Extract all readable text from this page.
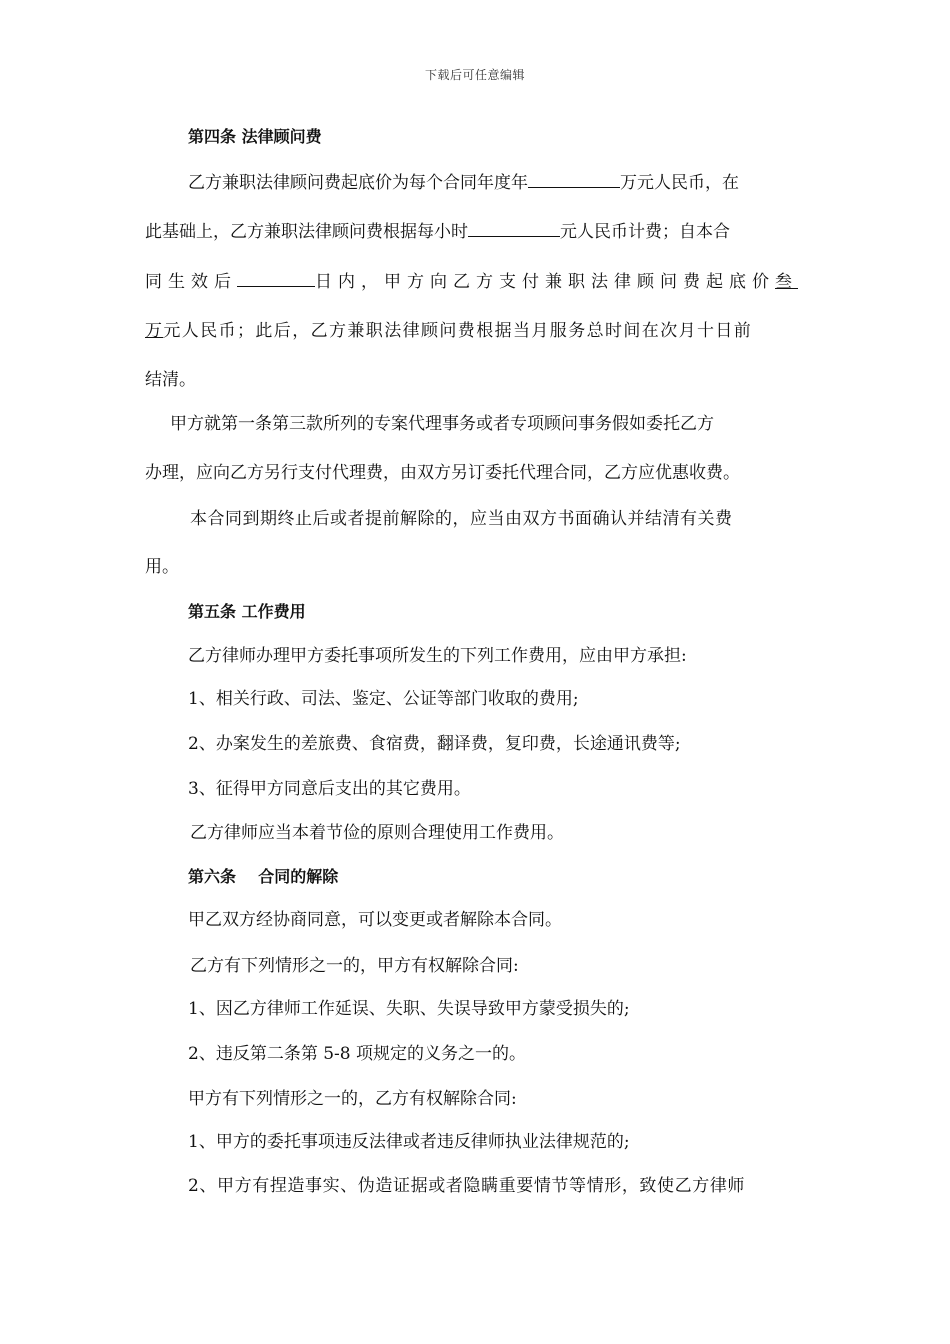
下载后可任意编辑
第四条 法律顾问费
乙方兼职法律顾问费起底价为每个合同年度年	万元人民币，在
此基础上，乙方兼职法律顾问费根据每小时	元人民币计费；自本合
同生效后	日内，甲方向乙方支付兼职法律顾问费起底价叁
万元人民币；此后，乙方兼职法律顾问费根据当月服务总时间在次月十日前
结清。
甲方就第一条第三款所列的专案代理事务或者专项顾问事务假如委托乙方
办理，应向乙方另行支付代理费，由双方另订委托代理合同，乙方应优惠收费。
本合同到期终止后或者提前解除的，应当由双方书面确认并结清有关费
用。
第五条 工作费用
乙方律师办理甲方委托事项所发生的下列工作费用，应由甲方承担:
1、相关行政、司法、鉴定、公证等部门收取的费用;
2、办案发生的差旅费、食宿费，翻译费，复印费，长途通讯费等;
3、征得甲方同意后支出的其它费用。
乙方律师应当本着节俭的原则合理使用工作费用。
第六条    合同的解除
甲乙双方经协商同意，可以变更或者解除本合同。
乙方有下列情形之一的，甲方有权解除合同:
1、因乙方律师工作延误、失职、失误导致甲方蒙受损失的;
2、违反第二条第 5-8 项规定的义务之一的。
甲方有下列情形之一的，乙方有权解除合同:
1、甲方的委托事项违反法律或者违反律师执业法律规范的;
2、甲方有捏造事实、伪造证据或者隐瞒重要情节等情形，致使乙方律师
